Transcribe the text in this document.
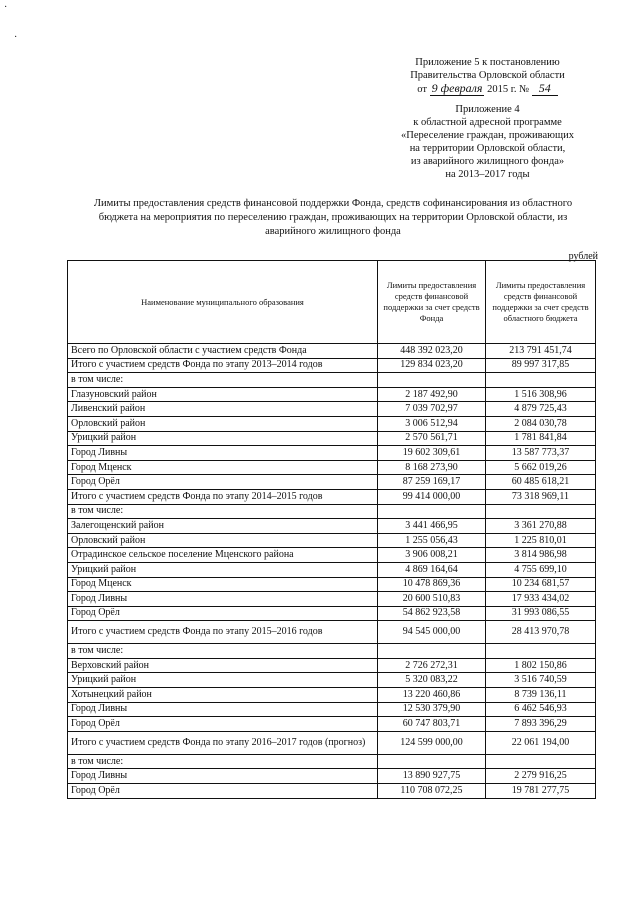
·
·
Приложение 5 к постановлению
Правительства Орловской области
от 9 февраля 2015 г. № 54
Приложение 4
к областной адресной программе
«Переселение граждан, проживающих
на территории Орловской области,
из аварийного жилищного фонда»
на 2013–2017 годы
Лимиты предоставления средств финансовой поддержки Фонда, средств софинансирования из областного
бюджета на мероприятия по переселению граждан, проживающих на территории Орловской области, из
аварийного жилищного фонда
рублей
Наименование муниципального образования	Лимиты предоставления средств финансовой поддержки за счет средств Фонда	Лимиты предоставления средств финансовой поддержки за счет средств областного бюджета
Всего по Орловской области с участием средств Фонда	448 392 023,20	213 791 451,74
Итого с участием средств Фонда по этапу 2013–2014 годов	129 834 023,20	89 997 317,85
в том числе:		
Глазуновский район	2 187 492,90	1 516 308,96
Ливенский район	7 039 702,97	4 879 725,43
Орловский район	3 006 512,94	2 084 030,78
Урицкий район	2 570 561,71	1 781 841,84
Город Ливны	19 602 309,61	13 587 773,37
Город Мценск	8 168 273,90	5 662 019,26
Город Орёл	87 259 169,17	60 485 618,21
Итого с участием средств Фонда по этапу 2014–2015 годов	99 414 000,00	73 318 969,11
в том числе:		
Залегощенский район	3 441 466,95	3 361 270,88
Орловский район	1 255 056,43	1 225 810,01
Отрадинское сельское поселение Мценского района	3 906 008,21	3 814 986,98
Урицкий район	4 869 164,64	4 755 699,10
Город Мценск	10 478 869,36	10 234 681,57
Город Ливны	20 600 510,83	17 933 434,02
Город Орёл	54 862 923,58	31 993 086,55
Итого с участием средств Фонда по этапу 2015–2016 годов	94 545 000,00	28 413 970,78
в том числе:		
Верховский район	2 726 272,31	1 802 150,86
Урицкий район	5 320 083,22	3 516 740,59
Хотынецкий район	13 220 460,86	8 739 136,11
Город Ливны	12 530 379,90	6 462 546,93
Город Орёл	60 747 803,71	7 893 396,29
Итого с участием средств Фонда по этапу 2016–2017 годов (прогноз)	124 599 000,00	22 061 194,00
в том числе:		
Город Ливны	13 890 927,75	2 279 916,25
Город Орёл	110 708 072,25	19 781 277,75
